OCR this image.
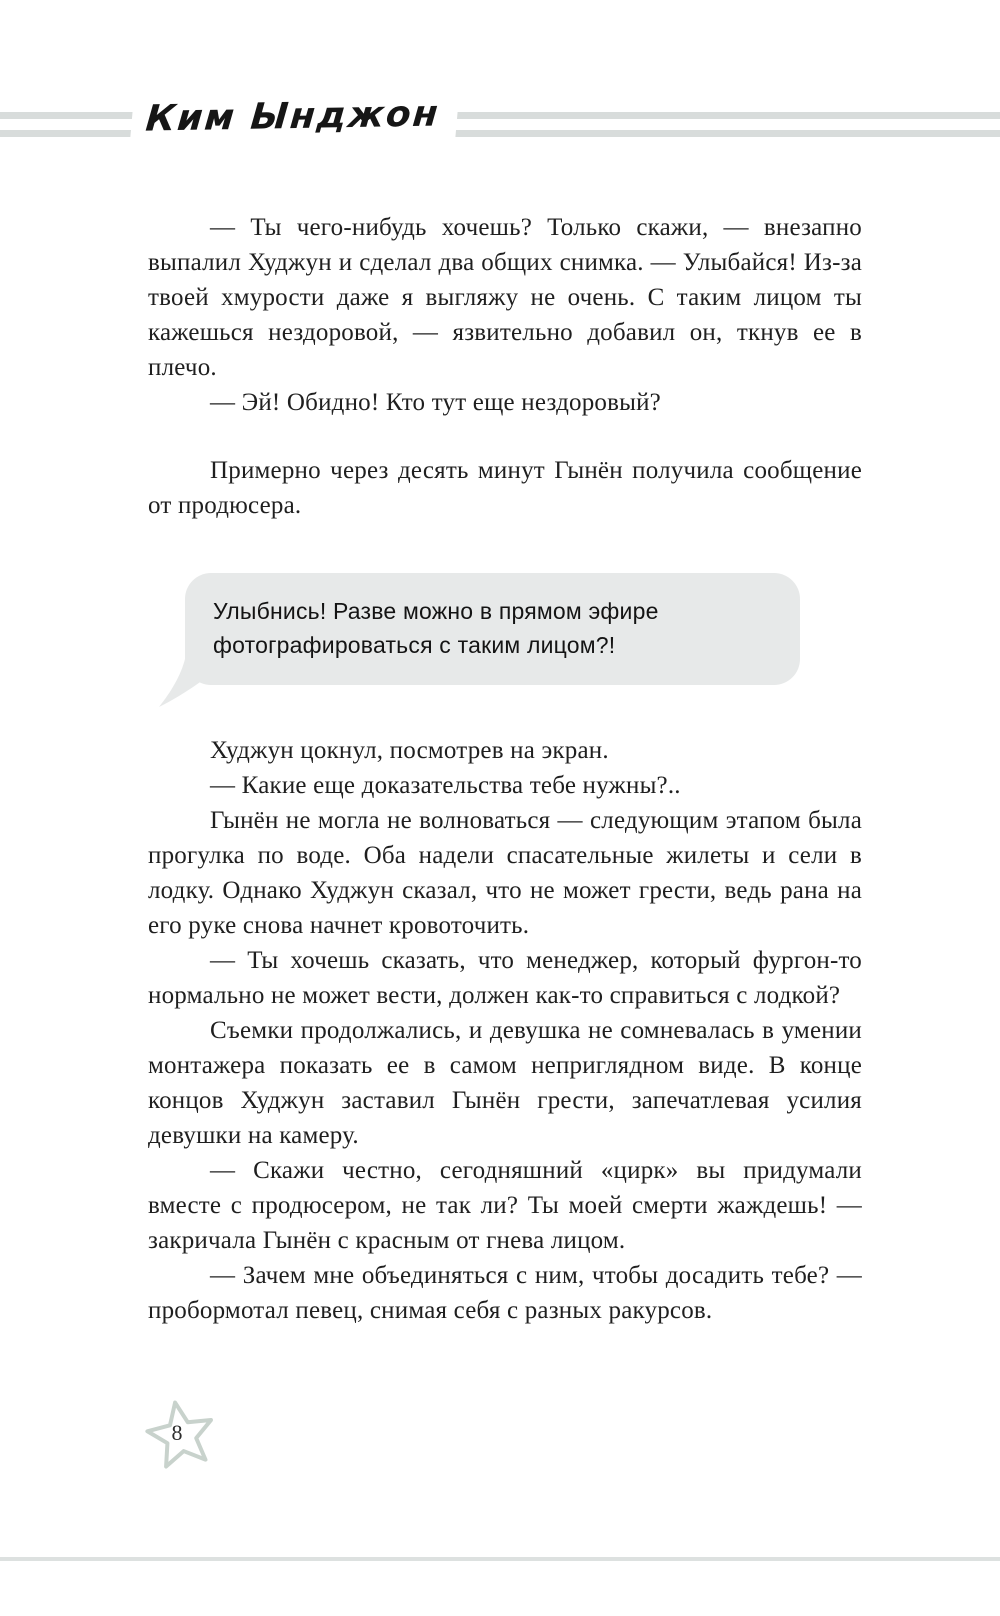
Ким Ынджон

— Ты чего-нибудь хочешь? Только скажи, — внезапно выпалил Худжун и сделал два общих снимка. — Улыбайся! Из-за твоей хмурости даже я выгляжу не очень. С таким лицом ты кажешься нездоровой, — язвительно добавил он, ткнув ее в плечо.

— Эй! Обидно! Кто тут еще нездоровый?

Примерно через десять минут Гынён получила сообщение от продюсера.

Улыбнись! Разве можно в прямом эфире фотографироваться с таким лицом?!

Худжун цокнул, посмотрев на экран.

— Какие еще доказательства тебе нужны?..

Гынён не могла не волноваться — следующим этапом была прогулка по воде. Оба надели спасательные жилеты и сели в лодку. Однако Худжун сказал, что не может грести, ведь рана на его руке снова начнет кровоточить.

— Ты хочешь сказать, что менеджер, который фургон-то нормально не может вести, должен как-то справиться с лодкой?

Съемки продолжались, и девушка не сомневалась в умении монтажера показать ее в самом неприглядном виде. В конце концов Худжун заставил Гынён грести, запечатлевая усилия девушки на камеру.

— Скажи честно, сегодняшний «цирк» вы придумали вместе с продюсером, не так ли? Ты моей смерти жаждешь! — закричала Гынён с красным от гнева лицом.

— Зачем мне объединяться с ним, чтобы досадить тебе? — пробормотал певец, снимая себя с разных ракурсов.

8
